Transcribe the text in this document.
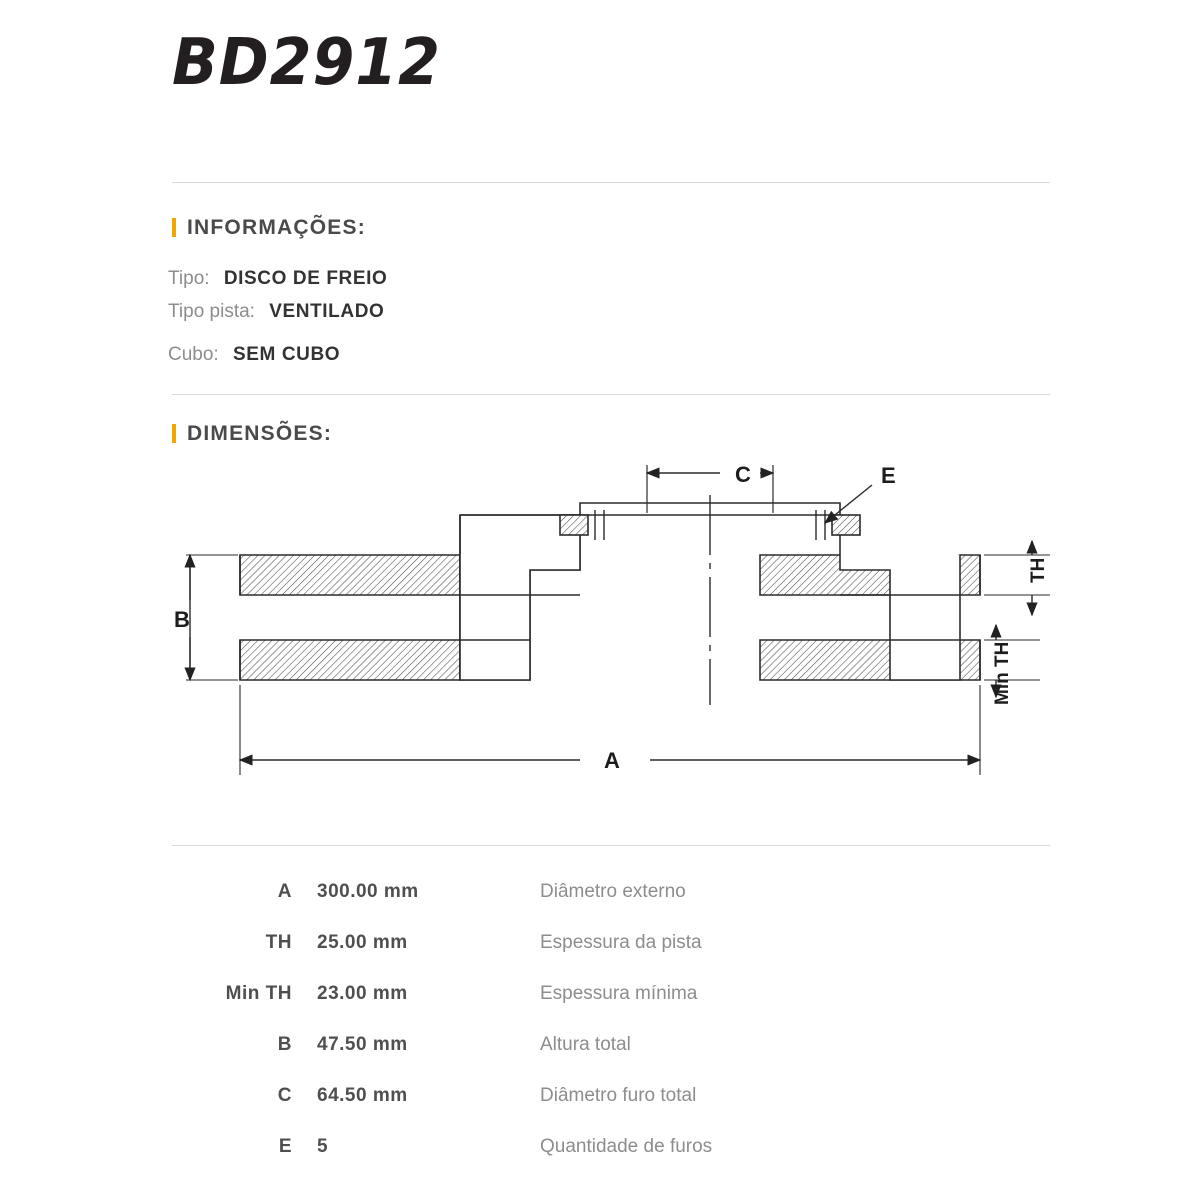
BD2912
INFORMAÇÕES:
Tipo: DISCO DE FREIO
Tipo pista: VENTILADO
Cubo: SEM CUBO
DIMENSÕES:
C	E
B
A
TH
Min TH
A 300.00 mm	Diâmetro externo
TH 25.00 mm	Espessura da pista
Min TH 23.00 mm	Espessura mínima
B 47.50 mm	Altura total
C 64.50 mm	Diâmetro furo total
E 5	Quantidade de furos
